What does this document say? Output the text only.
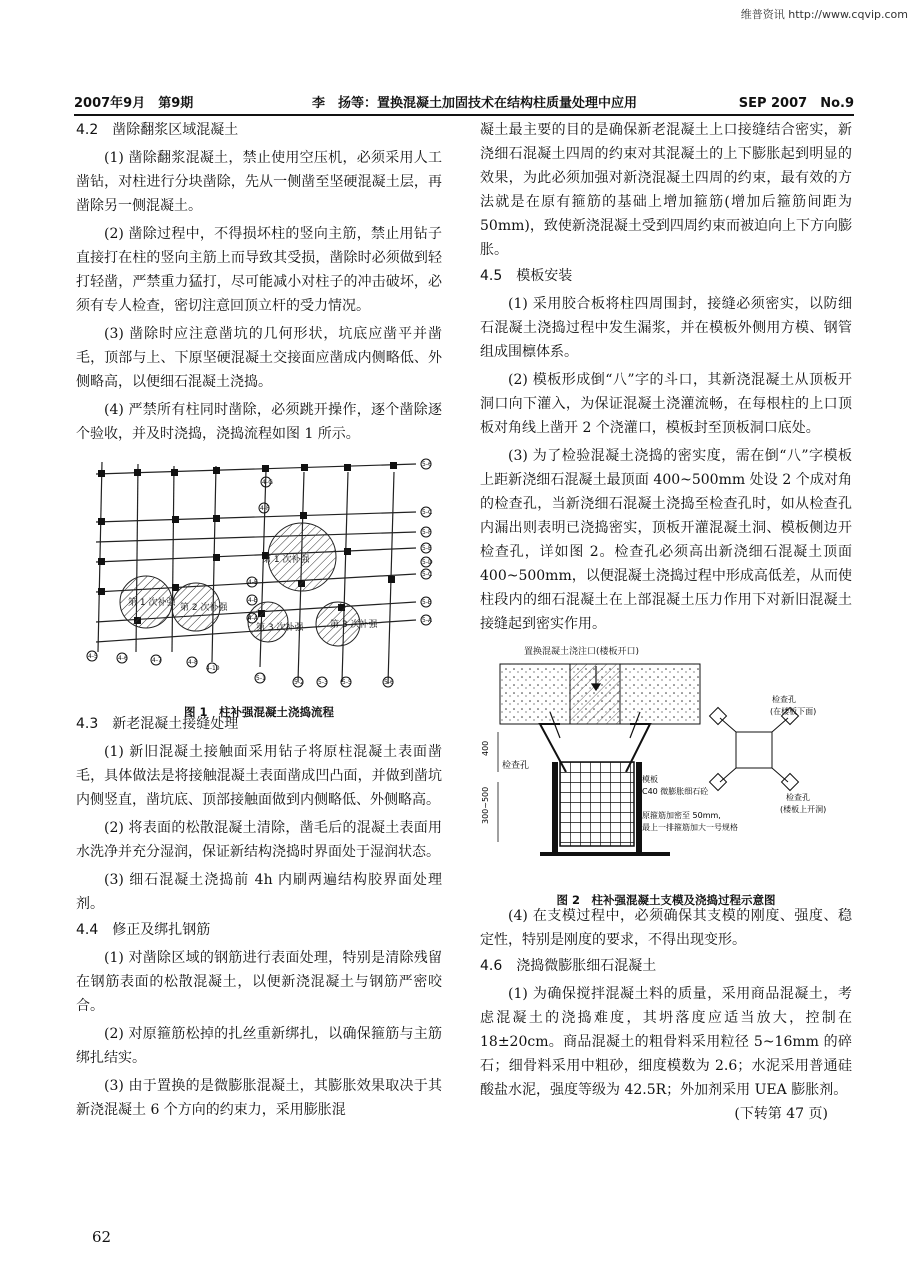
维普资讯 http://www.cqvip.com
2007年9月　第9期	李　扬等：置换混凝土加固技术在结构柱质量处理中应用	SEP 2007　No.9

4.2　凿除翻浆区域混凝土

(1) 凿除翻浆混凝土，禁止使用空压机，必须采用人工凿钻，对柱进行分块凿除，先从一侧凿至坚硬混凝土层，再凿除另一侧混凝土。

(2) 凿除过程中，不得损坏柱的竖向主筋，禁止用钻子直接打在柱的竖向主筋上而导致其受损，凿除时必须做到轻打轻凿，严禁重力猛打，尽可能减小对柱子的冲击破坏，必须有专人检查，密切注意回顶立杆的受力情况。

(3) 凿除时应注意凿坑的几何形状，坑底应凿平并凿毛，顶部与上、下原坚硬混凝土交接面应凿成内侧略低、外侧略高，以便细石混凝土浇捣。

(4) 严禁所有柱同时凿除，必须跳开操作，逐个凿除逐个验收，并及时浇捣，浇捣流程如图 1 所示。

第 1 次补强
第 1 次补强
第 2 次补强
第 3 次补强	第 3 次补强
5-6
5-C
5-F
5-E
5-D
5-C
5-B
5-A
4-5	4-6	4-7	4-8
4-10
5-1
5-2 5-3 5-5	5-6
4-G
4-F
4-E
4-B
4-A
图 1　柱补强混凝土浇捣流程

4.3　新老混凝土接缝处理

(1) 新旧混凝土接触面采用钻子将原柱混凝土表面凿毛，具体做法是将接触混凝土表面凿成凹凸面，并做到凿坑内侧竖直，凿坑底、顶部接触面做到内侧略低、外侧略高。

(2) 将表面的松散混凝土清除，凿毛后的混凝土表面用水洗净并充分湿润，保证新结构浇捣时界面处于湿润状态。

(3) 细石混凝土浇捣前 4h 内刷两遍结构胶界面处理剂。

4.4　修正及绑扎钢筋

(1) 对凿除区域的钢筋进行表面处理，特别是清除残留在钢筋表面的松散混凝土，以便新浇混凝土与钢筋严密咬合。

(2) 对原箍筋松掉的扎丝重新绑扎，以确保箍筋与主筋绑扎结实。

(3) 由于置换的是微膨胀混凝土，其膨胀效果取决于其新浇混凝土 6 个方向的约束力，采用膨胀混

凝土最主要的目的是确保新老混凝土上口接缝结合密实，新浇细石混凝土四周的约束对其混凝土的上下膨胀起到明显的效果，为此必须加强对新浇混凝土四周的约束，最有效的方法就是在原有箍筋的基础上增加箍筋(增加后箍筋间距为 50mm)，致使新浇混凝土受到四周约束而被迫向上下方向膨胀。

4.5　模板安装

(1) 采用胶合板将柱四周围封，接缝必须密实，以防细石混凝土浇捣过程中发生漏浆，并在模板外侧用方模、钢管组成围檩体系。

(2) 模板形成倒“八”字的斗口，其新浇混凝土从顶板开洞口向下灌入，为保证混凝土浇灌流畅，在每根柱的上口顶板对角线上凿开 2 个浇灌口，模板封至顶板洞口底处。

(3) 为了检验混凝土浇捣的密实度，需在倒“八”字模板上距新浇细石混凝土最顶面 400~500mm 处设 2 个成对角的检查孔，当新浇细石混凝土浇捣至检查孔时，如从检查孔内漏出则表明已浇捣密实，顶板开灌混凝土洞、模板侧边开检查孔，详如图 2。检查孔必须高出新浇细石混凝土顶面 400~500mm，以便混凝土浇捣过程中形成高低差，从而使柱段内的细石混凝土在上部混凝土压力作用下对新旧混凝土接缝起到密实作用。

置换混凝土浇注口(楼板开口)
400
300~500
检查孔
模板
C40 微膨胀细石砼
原箍筋加密至 50mm,
最上一排箍筋加大一号规格
检查孔
(在楼板下面)
检查孔
(楼板上开洞)
图 2　柱补强混凝土支模及浇捣过程示意图

(4) 在支模过程中，必须确保其支模的刚度、强度、稳定性，特别是刚度的要求，不得出现变形。

4.6　浇捣微膨胀细石混凝土

(1) 为确保搅拌混凝土料的质量，采用商品混凝土，考虑混凝土的浇捣难度，其坍落度应适当放大，控制在 18±20cm。商品混凝土的粗骨料采用粒径 5~16mm 的碎石；细骨料采用中粗砂，细度模数为 2.6；水泥采用普通硅酸盐水泥，强度等级为 42.5R；外加剂采用 UEA 膨胀剂。

(下转第 47 页)

62
